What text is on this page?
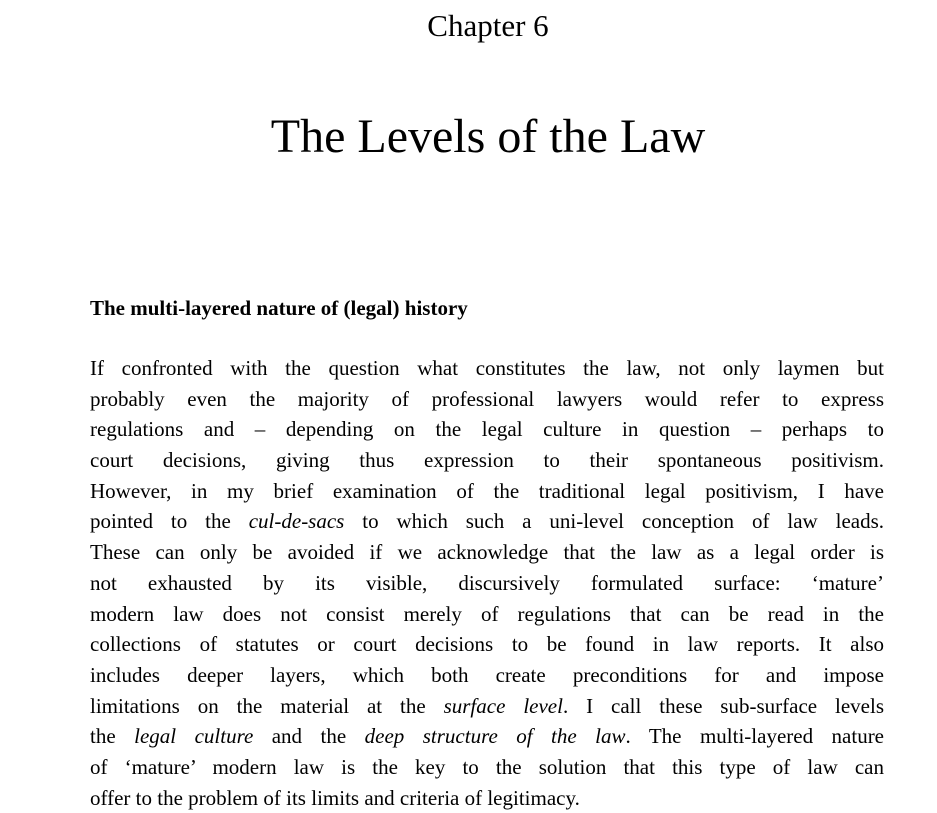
Chapter 6
The Levels of the Law
The multi-layered nature of (legal) history
If confronted with the question what constitutes the law, not only laymen but
probably even the majority of professional lawyers would refer to express
regulations and – depending on the legal culture in question – perhaps to
court decisions, giving thus expression to their spontaneous positivism.
However, in my brief examination of the traditional legal positivism, I have
pointed to the cul-de-sacs to which such a uni-level conception of law leads.
These can only be avoided if we acknowledge that the law as a legal order is
not exhausted by its visible, discursively formulated surface: ‘mature’
modern law does not consist merely of regulations that can be read in the
collections of statutes or court decisions to be found in law reports. It also
includes deeper layers, which both create preconditions for and impose
limitations on the material at the surface level. I call these sub-surface levels
the legal culture and the deep structure of the law. The multi-layered nature
of ‘mature’ modern law is the key to the solution that this type of law can
offer to the problem of its limits and criteria of legitimacy.
